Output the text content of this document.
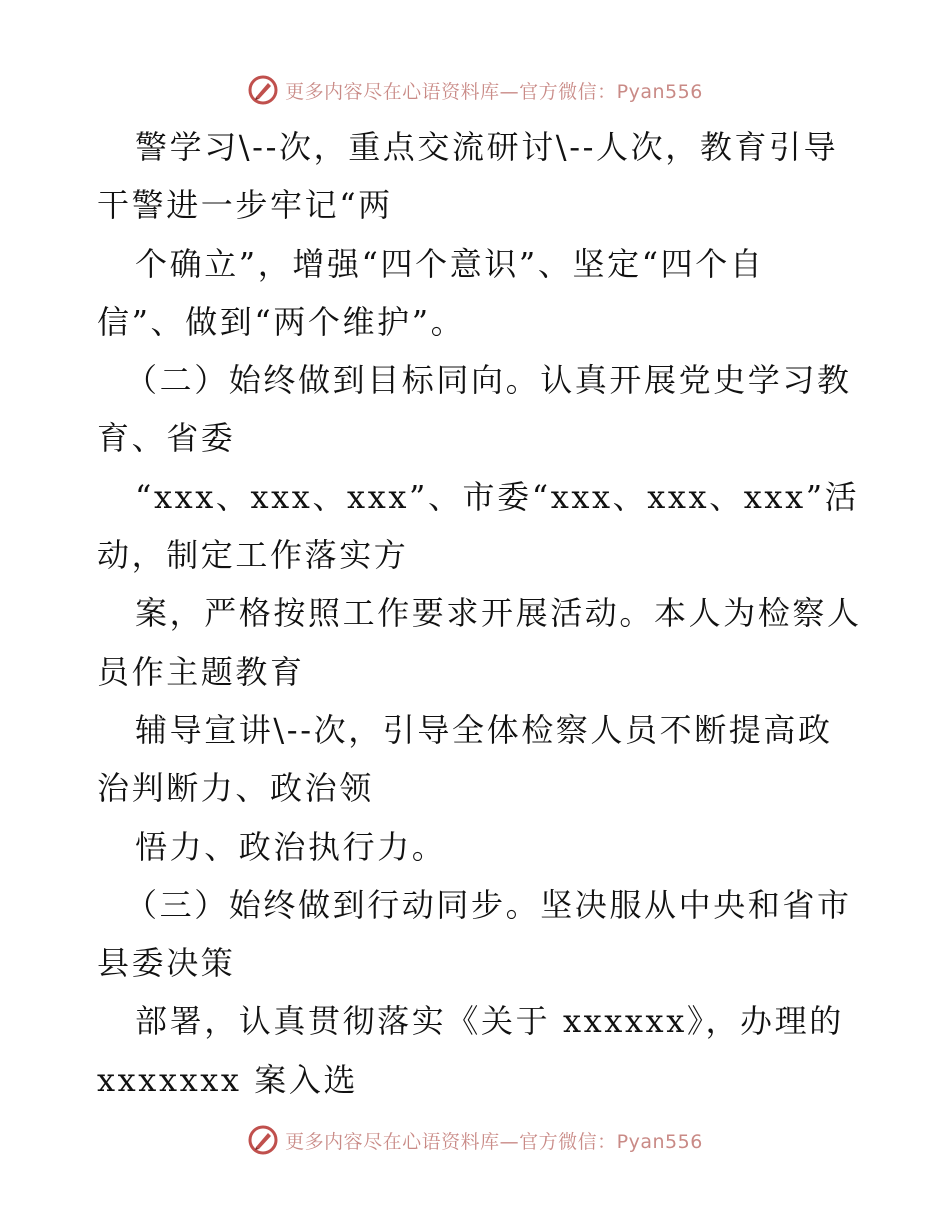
更多内容尽在心语资料库—官方微信：Pyan556
警学习\--次，重点交流研讨\--人次，教育引导
干警进一步牢记“两
个确立”，增强“四个意识”、坚定“四个自
信”、做到“两个维护”。
（二）始终做到目标同向。认真开展党史学习教
育、省委
“xxx、xxx、xxx”、市委“xxx、xxx、xxx”活
动，制定工作落实方
案，严格按照工作要求开展活动。本人为检察人
员作主题教育
辅导宣讲\--次，引导全体检察人员不断提高政
治判断力、政治领
悟力、政治执行力。
（三）始终做到行动同步。坚决服从中央和省市
县委决策
部署，认真贯彻落实《关于 xxxxxx》，办理的
xxxxxxx 案入选
更多内容尽在心语资料库—官方微信：Pyan556
